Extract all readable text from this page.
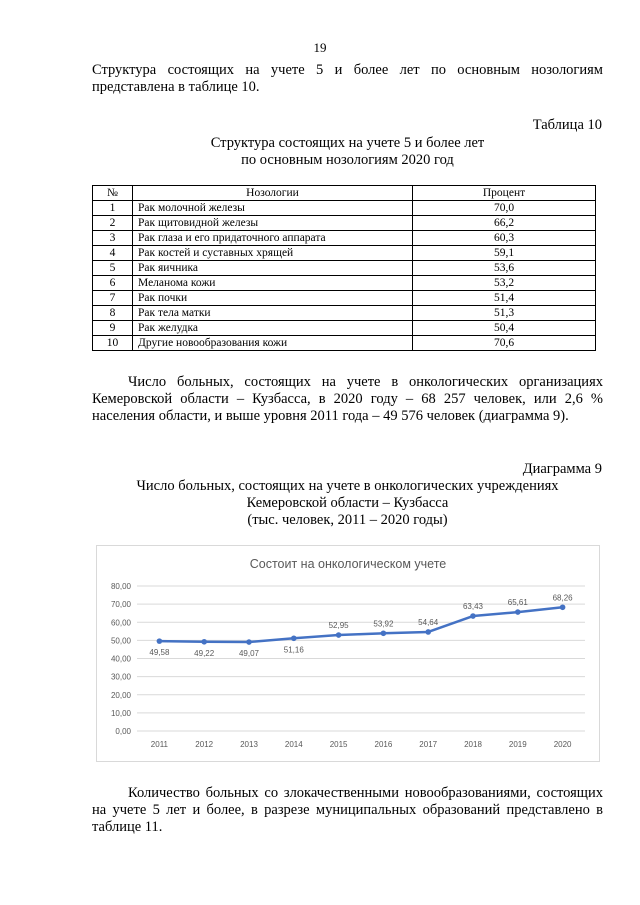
19
Структура состоящих на учете 5 и более лет по основным нозологиям представлена в таблице 10.
Таблица 10
Структура состоящих на учете 5 и более лет
по основным нозологиям 2020 год
№	Нозологии	Процент
1	Рак молочной железы	70,0
2	Рак щитовидной железы	66,2
3	Рак глаза и его придаточного аппарата	60,3
4	Рак костей и суставных хрящей	59,1
5	Рак яичника	53,6
6	Меланома кожи	53,2
7	Рак почки	51,4
8	Рак тела матки	51,3
9	Рак желудка	50,4
10	Другие новообразования кожи	70,6
Число больных, состоящих на учете в онкологических организациях Кемеровской области – Кузбасса, в 2020 году – 68 257 человек, или 2,6 % населения области, и выше уровня 2011 года – 49 576 человек (диаграмма 9).
Диаграмма 9
Число больных, состоящих на учете в онкологических учреждениях
Кемеровской области – Кузбасса
(тыс. человек, 2011 – 2020 годы)
Состоит на онкологическом учете
0,00
10,00
20,00
30,00
40,00
50,00
60,00
70,00
80,00
2011	2012	2013	2014	2015	2016	2017	2018	2019	2020
49,58	49,22	49,07	51,16
52,95	53,92	54,64
63,43	65,61
68,26
Количество больных со злокачественными новообразованиями, состоящих на учете 5 лет и более, в разрезе муниципальных образований представлено в таблице 11.
